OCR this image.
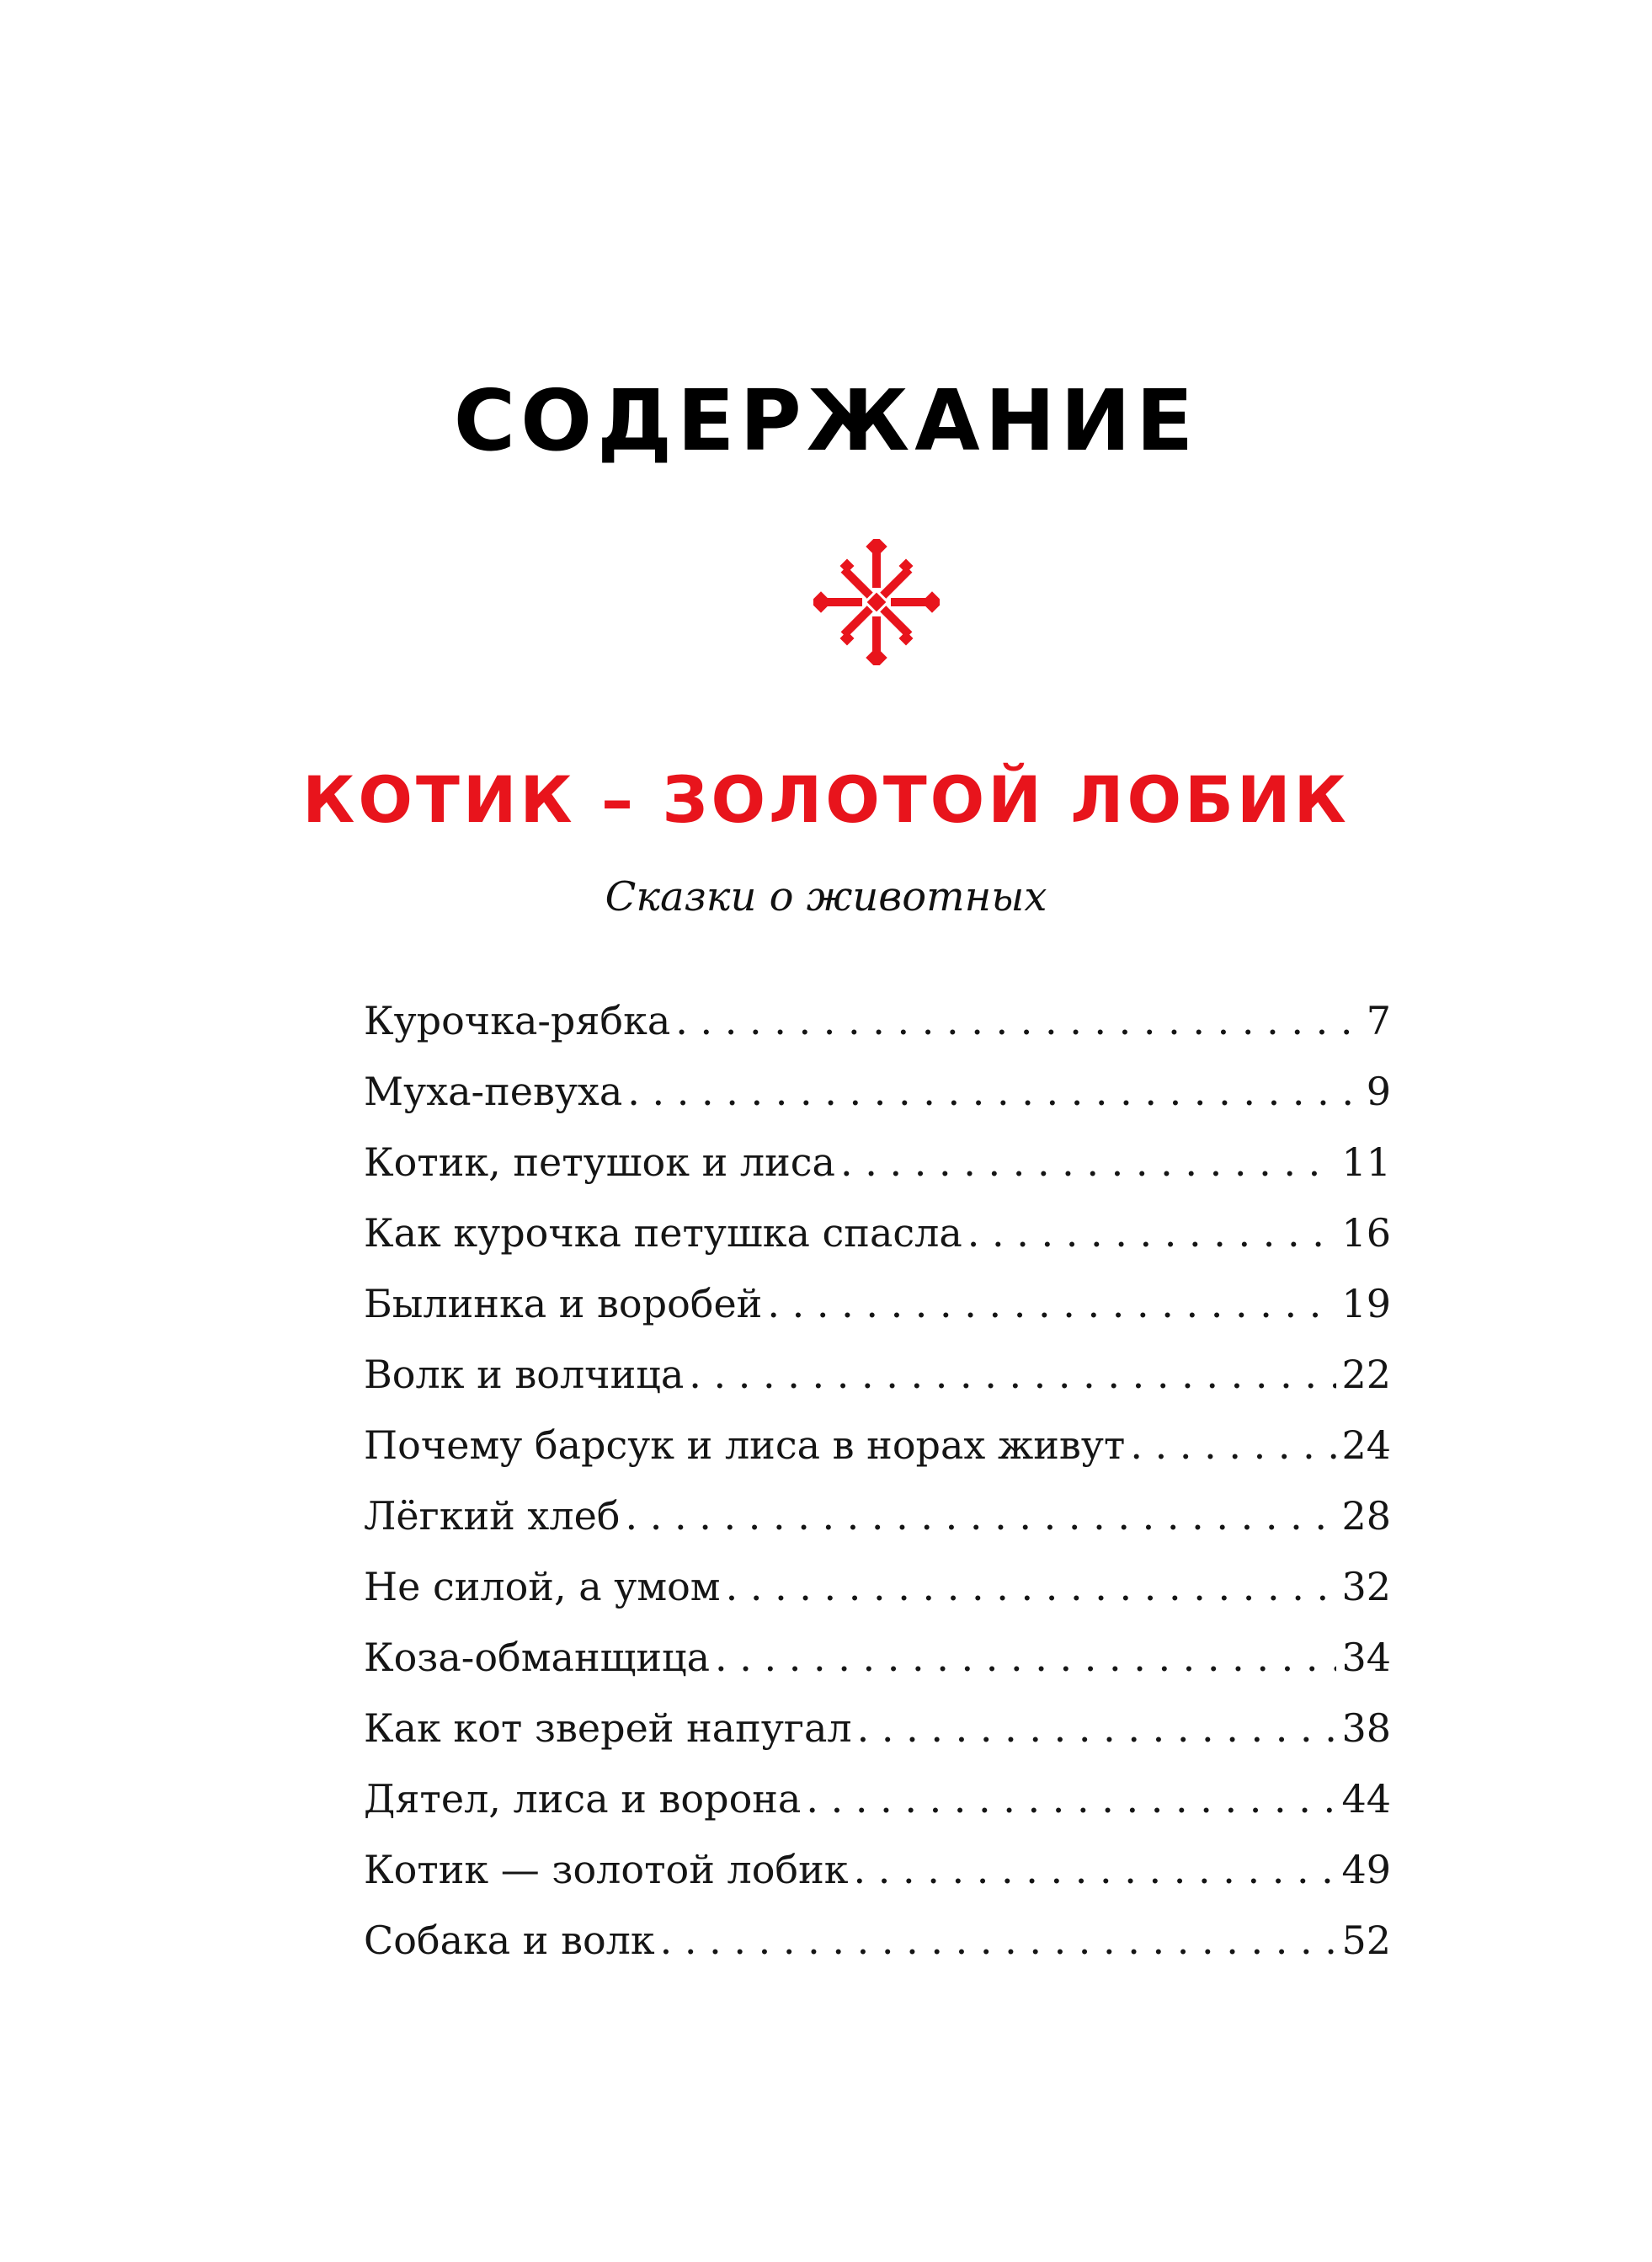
СОДЕРЖАНИЕ
КОТИК – ЗОЛОТОЙ ЛОБИК
Сказки о животных
Курочка-рябка . . .	7
Муха-певуха . . .	9
Котик, петушок и лиса . . .	11
Как курочка петушка спасла . . .	16
Былинка и воробей . . .	19
Волк и волчица . . .	22
Почему барсук и лиса в норах живут . . .	24
Лёгкий хлеб . . .	28
Не силой, а умом . . .	32
Коза-обманщица . . .	34
Как кот зверей напугал . . .	38
Дятел, лиса и ворона . . .	44
Котик — золотой лобик . . .	49
Собака и волк . . .	52
